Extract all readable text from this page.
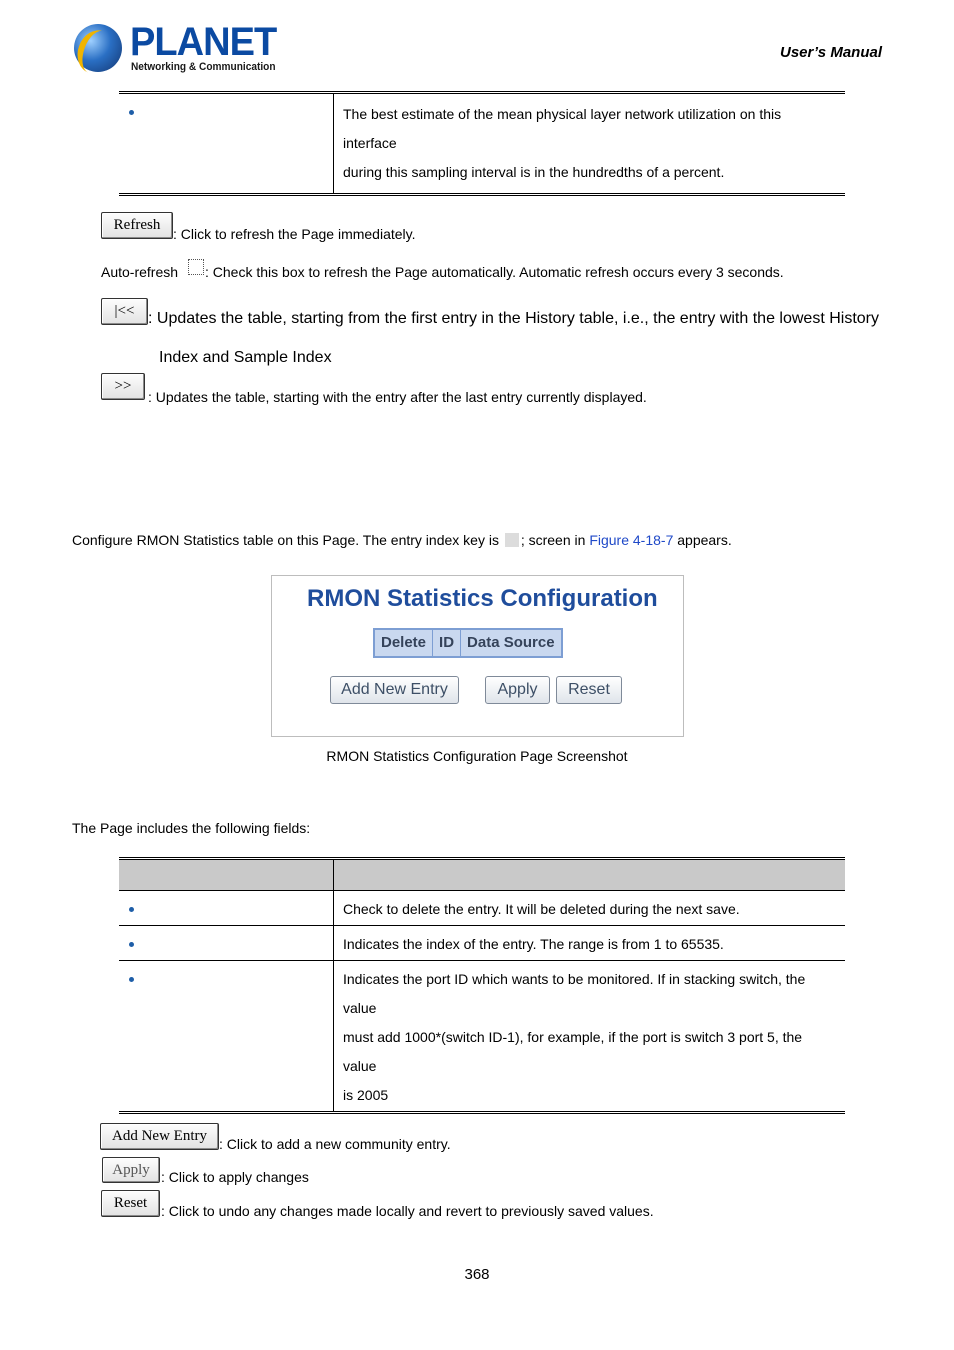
PLANET
Networking & Communication
User’s Manual

The best estimate of the mean physical layer network utilization on this interface
during this sampling interval is in the hundredths of a percent.
Refresh
: Click to refresh the Page immediately.
Auto-refresh : Check this box to refresh the Page automatically. Automatic refresh occurs every 3 seconds.
|<< : Updates the table, starting from the first entry in the History table, i.e., the entry with the lowest History
Index and Sample Index
>>
: Updates the table, starting with the entry after the last entry currently displayed.
Configure RMON Statistics table on this Page. The entry index key is ; screen in Figure 4-18-7 appears.
RMON Statistics Configuration
Delete ID Data Source
Add New Entry	Apply	Reset
RMON Statistics Configuration Page Screenshot
The Page includes the following fields:

	Check to delete the entry. It will be deleted during the next save.

	Indicates the index of the entry. The range is from 1 to 65535.

	Indicates the port ID which wants to be monitored. If in stacking switch, the value
must add 1000*(switch ID-1), for example, if the port is switch 3 port 5, the value
is 2005
Add New Entry : Click to add a new community entry.
Apply : Click to apply changes
Reset : Click to undo any changes made locally and revert to previously saved values.
368
